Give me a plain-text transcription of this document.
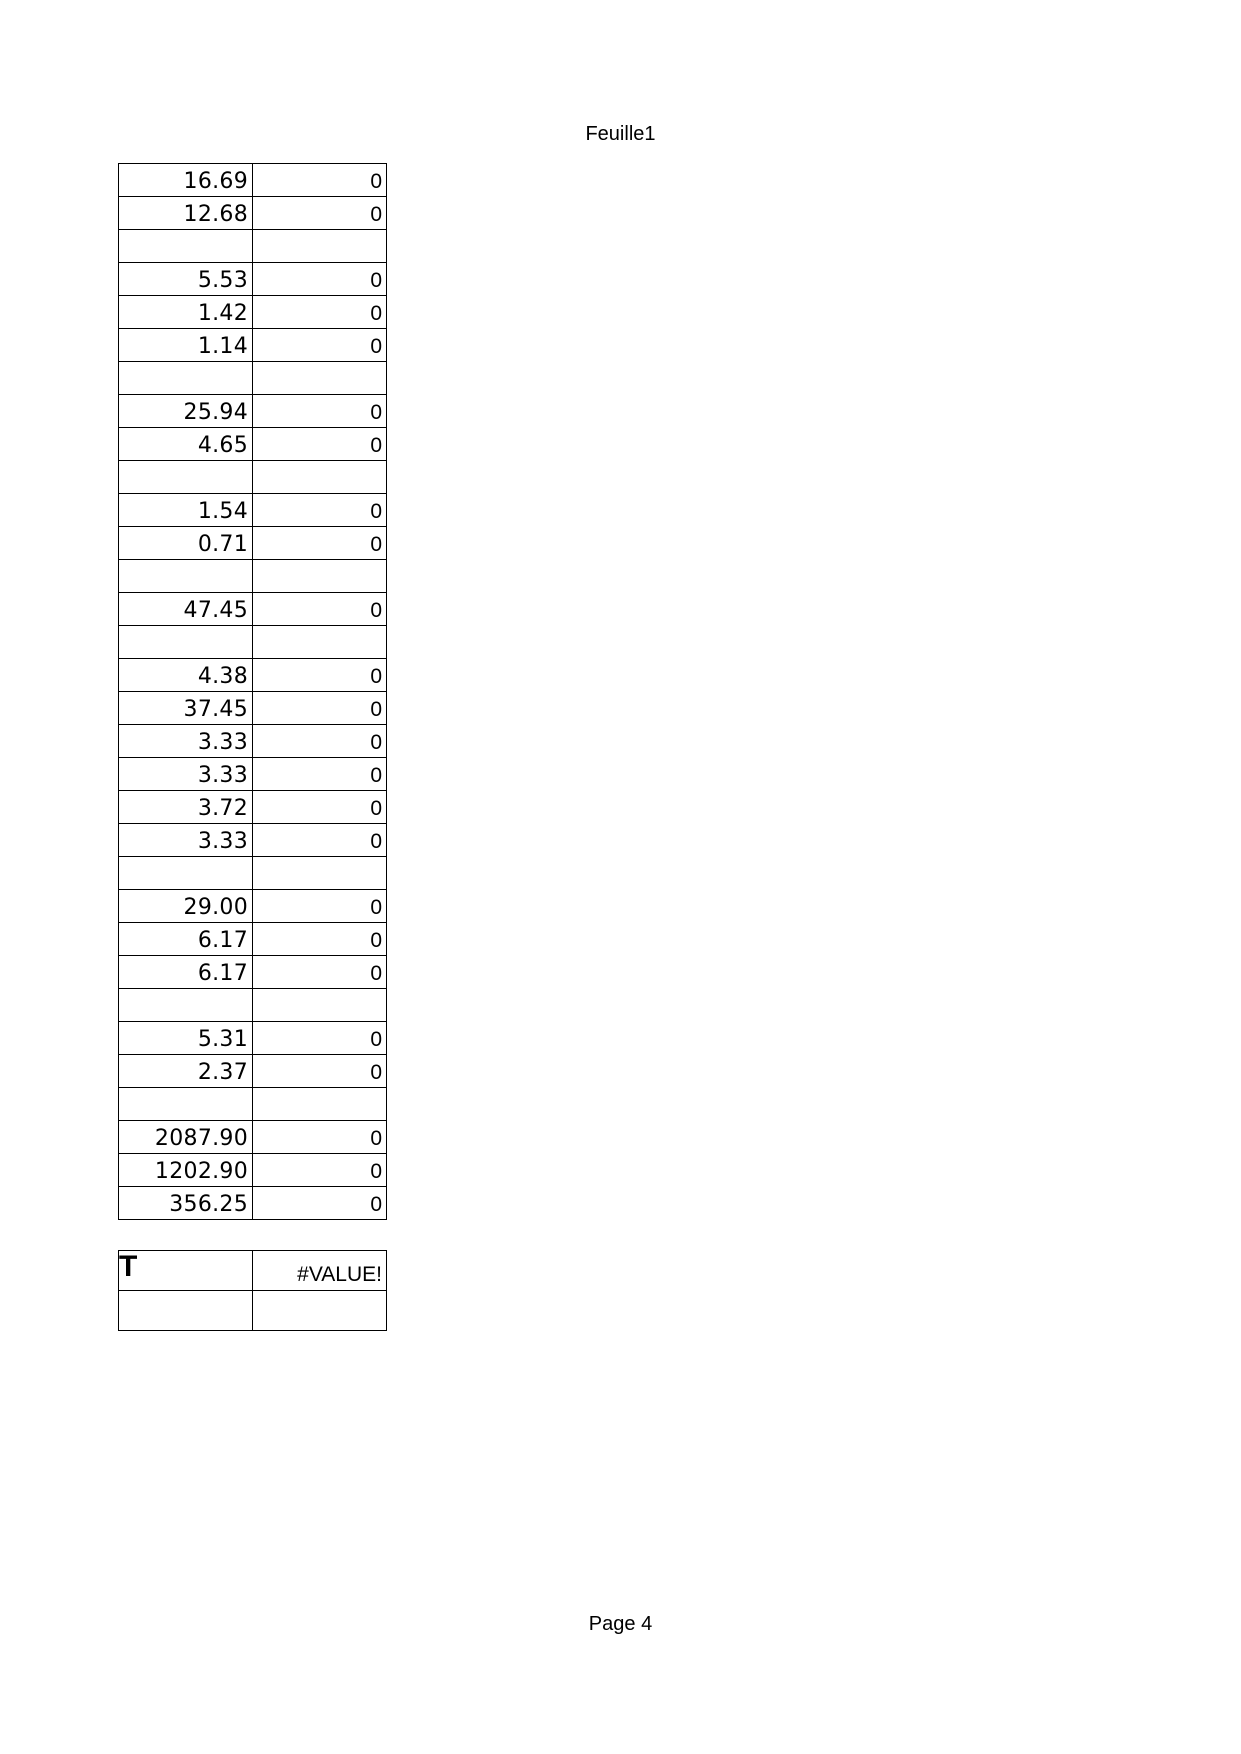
Feuille1
16.69	0
12.68	0

5.53	0
1.42	0
1.14	0

25.94	0
4.65	0

1.54	0
0.71	0

47.45	0

4.38	0
37.45	0
3.33	0
3.33	0
3.72	0
3.33	0

29.00	0
6.17	0
6.17	0

5.31	0
2.37	0

2087.90	0
1202.90	0
356.25	0
T	#VALUE!

Page 4
